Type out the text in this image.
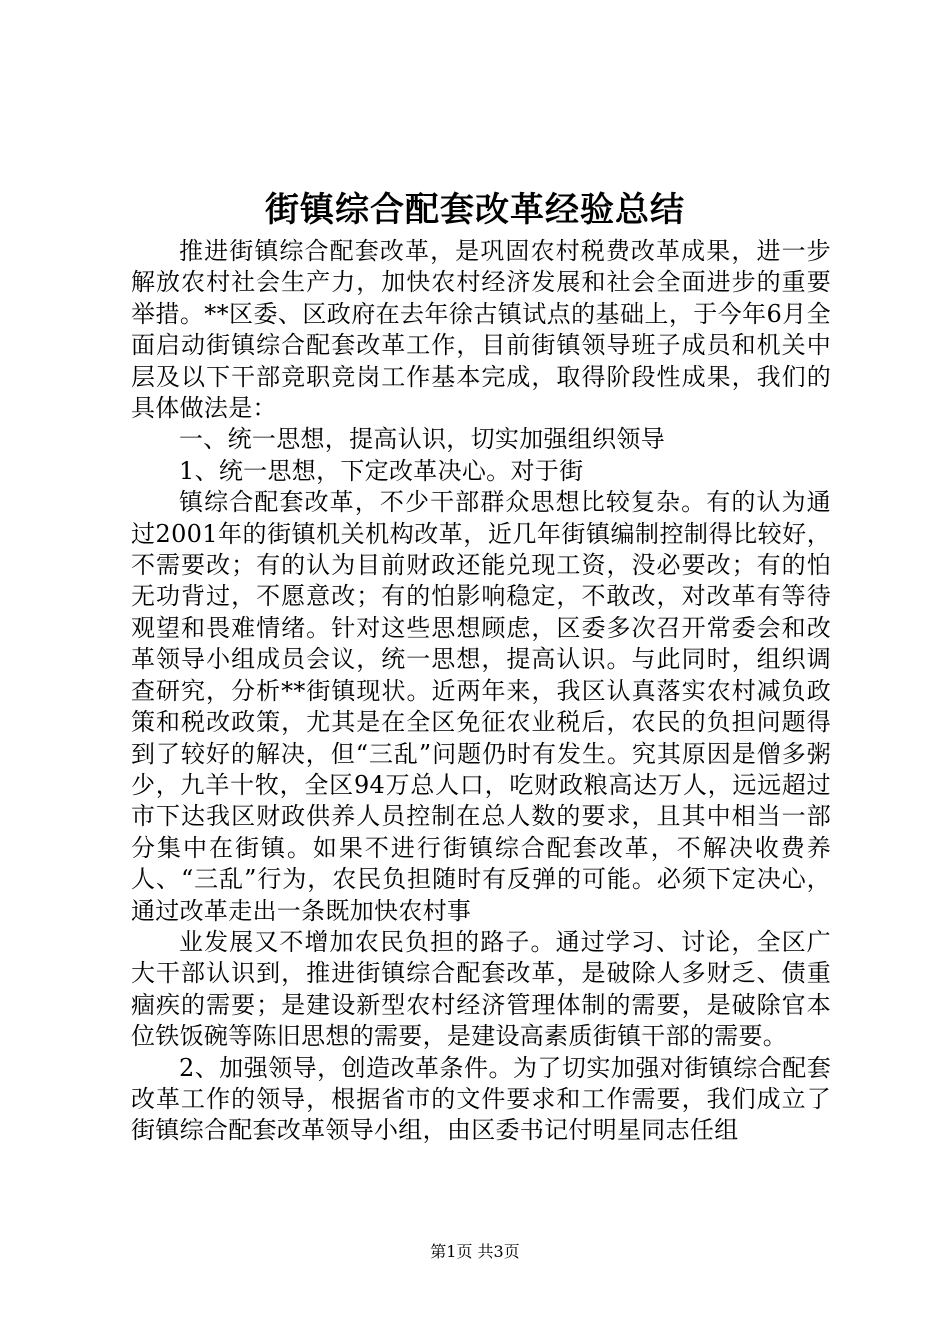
街镇综合配套改革经验总结

推进街镇综合配套改革，是巩固农村税费改革成果，进一步解放农村社会生产力，加快农村经济发展和社会全面进步的重要举措。**区委、区政府在去年徐古镇试点的基础上，于今年6月全面启动街镇综合配套改革工作，目前街镇领导班子成员和机关中层及以下干部竞职竞岗工作基本完成，取得阶段性成果，我们的具体做法是：

一、统一思想，提高认识，切实加强组织领导

1、统一思想，下定改革决心。对于街

镇综合配套改革，不少干部群众思想比较复杂。有的认为通过2001年的街镇机关机构改革，近几年街镇编制控制得比较好，不需要改；有的认为目前财政还能兑现工资，没必要改；有的怕无功背过，不愿意改；有的怕影响稳定，不敢改，对改革有等待观望和畏难情绪。针对这些思想顾虑，区委多次召开常委会和改革领导小组成员会议，统一思想，提高认识。与此同时，组织调查研究，分析**街镇现状。近两年来，我区认真落实农村减负政策和税改政策，尤其是在全区免征农业税后，农民的负担问题得到了较好的解决，但“三乱”问题仍时有发生。究其原因是僧多粥少，九羊十牧，全区94万总人口，吃财政粮高达万人，远远超过市下达我区财政供养人员控制在总人数的要求，且其中相当一部分集中在街镇。如果不进行街镇综合配套改革，不解决收费养人、“三乱”行为，农民负担随时有反弹的可能。必须下定决心，通过改革走出一条既加快农村事

业发展又不增加农民负担的路子。通过学习、讨论，全区广大干部认识到，推进街镇综合配套改革，是破除人多财乏、债重痼疾的需要；是建设新型农村经济管理体制的需要，是破除官本位铁饭碗等陈旧思想的需要，是建设高素质街镇干部的需要。

2、加强领导，创造改革条件。为了切实加强对街镇综合配套改革工作的领导，根据省市的文件要求和工作需要，我们成立了街镇综合配套改革领导小组，由区委书记付明星同志任组

第1页 共3页
